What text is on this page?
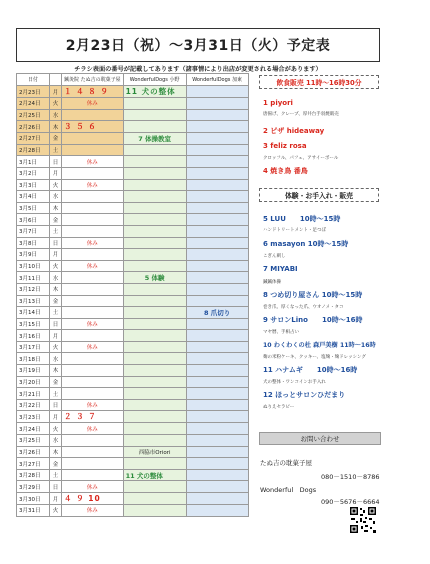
2月23日（祝）～3月31日（火）予定表
チラシ表面の番号が記載してあります（諸事情により出店が変更される場合があります）
日付		鍼灸院 たぬ吉の耽菓子屋	WonderfulDogs 小野	WonderfulDogs 加東
2月23日	月	１ ４ ８ ９	11 犬の整体	
2月24日	火	休み		
2月25日	水			
2月26日	木	３ ５ ６		
2月27日	金		7 体操教室	
2月28日	土			
3月1日	日	休み		
3月2日	月			
3月3日	火	休み		
3月4日	水			
3月5日	木			
3月6日	金			
3月7日	土			
3月8日	日	休み		
3月9日	月			
3月10日	火	休み		
3月11日	水		5 体験	
3月12日	木			
3月13日	金			
3月14日	土			8 爪切り
3月15日	日	休み		
3月16日	月			
3月17日	火	休み		
3月18日	水			
3月19日	木			
3月20日	金			
3月21日	土			
3月22日	日	休み		
3月23日	月	２ ３ ７		
3月24日	火	休み		
3月25日	水			
3月26日	木		西脇市Oriori	
3月27日	金			
3月28日	土		11 犬の整体	
3月29日	日	休み		
3月30日	月	４ ９ 10		
3月31日	火	休み		
飲食販売 11時～16時30分
1 piyori
唐揚げ、クレープ、厚井台手羽焼販売
2 ピザ hideaway
3 feliz rosa
クロッフル、パフェ、アサイーボール
4 焼き鳥 番鳥
体験・お手入れ・販売
5 LUU　　10時～15時
ハンドトリートメント・足つぼ
6 masayon 10時～15時
こぎん刺し
7 MIYABI
鍼鍼体操
8 つめ切り屋さん 10時～15時
巻き爪、厚くなった爪、ウオノメ・タコ
9 サロンLino　　10時～16時
マヤ暦、手相占い
10 わくわくの杜 森戸美樹 11時～16時
麹の米粉ケーキ、クッキー、塩麹・麹ドレッシング
11 ハナムギ　　10時～16時
犬の整体・ワンコインお手入れ
12 ほっとサロンひだまり
ぬりえセラピー
お問い合わせ
たぬ吉の耽菓子屋
080－1510－8786
Wonderful　Dogs
090－5676－6664
